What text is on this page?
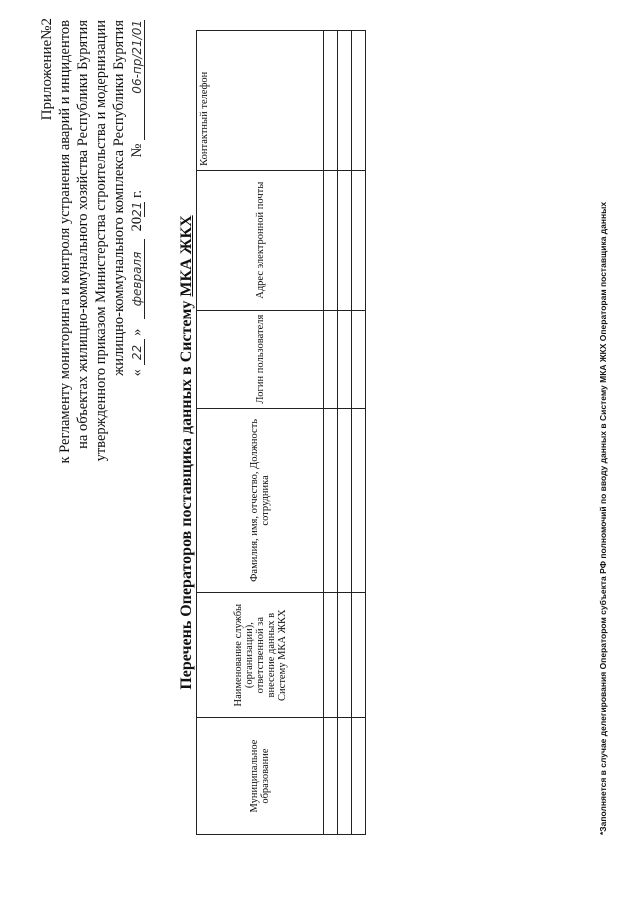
Приложение№2 к Регламенту мониторинга и контроля устранения аварий и инцидентов на объектах жилищно-коммунального хозяйства Республики Бурятия утвержденного приказом Министерства строительства и модернизации жилищно-коммунального комплекса Республики Бурятия « 22 » февраля 2021 г.
№ 06-пр/21/01
Перечень Операторов поставщика данных в Систему МКА ЖКХ
Муниципальное образование	Наименование службы (организации), ответственной за внесение данных в Систему МКА ЖКХ	Фамилия, имя, отчество, Должность сотрудника	Логин пользователя	Адрес электронной почты	Контактный телефон

*Заполняется в случае делегирования Оператором субъекта РФ полномочий по вводу данных в Систему МКА ЖКХ Операторам поставщика данных
